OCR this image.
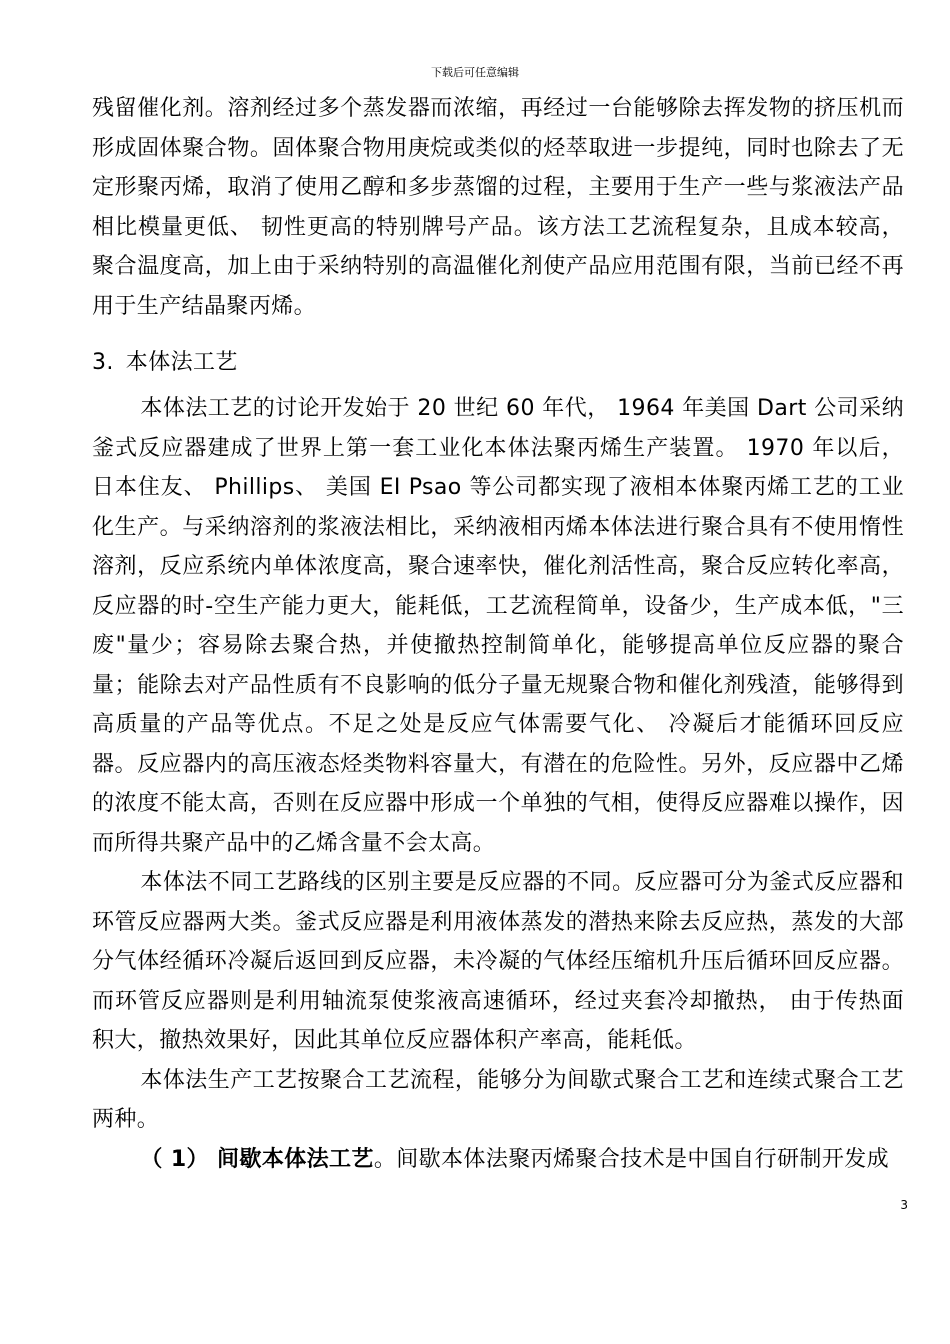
下载后可任意编辑

残留催化剂。溶剂经过多个蒸发器而浓缩，再经过一台能够除去挥发物的挤压机而形成固体聚合物。固体聚合物用庚烷或类似的烃萃取进一步提纯，同时也除去了无定形聚丙烯，取消了使用乙醇和多步蒸馏的过程，主要用于生产一些与浆液法产品相比模量更低、 韧性更高的特别牌号产品。该方法工艺流程复杂，且成本较高，聚合温度高，加上由于采纳特别的高温催化剂使产品应用范围有限，当前已经不再用于生产结晶聚丙烯。

3. 本体法工艺

本体法工艺的讨论开发始于 20 世纪 60 年代， 1964 年美国 Dart 公司采纳釜式反应器建成了世界上第一套工业化本体法聚丙烯生产装置。 1970 年以后， 日本住友、 Phillips、 美国 EI Psao 等公司都实现了液相本体聚丙烯工艺的工业化生产。与采纳溶剂的浆液法相比，采纳液相丙烯本体法进行聚合具有不使用惰性溶剂，反应系统内单体浓度高，聚合速率快，催化剂活性高，聚合反应转化率高，反应器的时-空生产能力更大，能耗低，工艺流程简单，设备少，生产成本低，"三废"量少；容易除去聚合热，并使撤热控制简单化，能够提高单位反应器的聚合量；能除去对产品性质有不良影响的低分子量无规聚合物和催化剂残渣，能够得到高质量的产品等优点。不足之处是反应气体需要气化、 冷凝后才能循环回反应器。反应器内的高压液态烃类物料容量大，有潜在的危险性。另外，反应器中乙烯的浓度不能太高，否则在反应器中形成一个单独的气相，使得反应器难以操作，因而所得共聚产品中的乙烯含量不会太高。

本体法不同工艺路线的区别主要是反应器的不同。反应器可分为釜式反应器和环管反应器两大类。釜式反应器是利用液体蒸发的潜热来除去反应热，蒸发的大部分气体经循环冷凝后返回到反应器，未冷凝的气体经压缩机升压后循环回反应器。而环管反应器则是利用轴流泵使浆液高速循环，经过夹套冷却撤热， 由于传热面积大，撤热效果好，因此其单位反应器体积产率高，能耗低。

本体法生产工艺按聚合工艺流程，能够分为间歇式聚合工艺和连续式聚合工艺两种。

（ 1） 间歇本体法工艺。间歇本体法聚丙烯聚合技术是中国自行研制开发成

3
